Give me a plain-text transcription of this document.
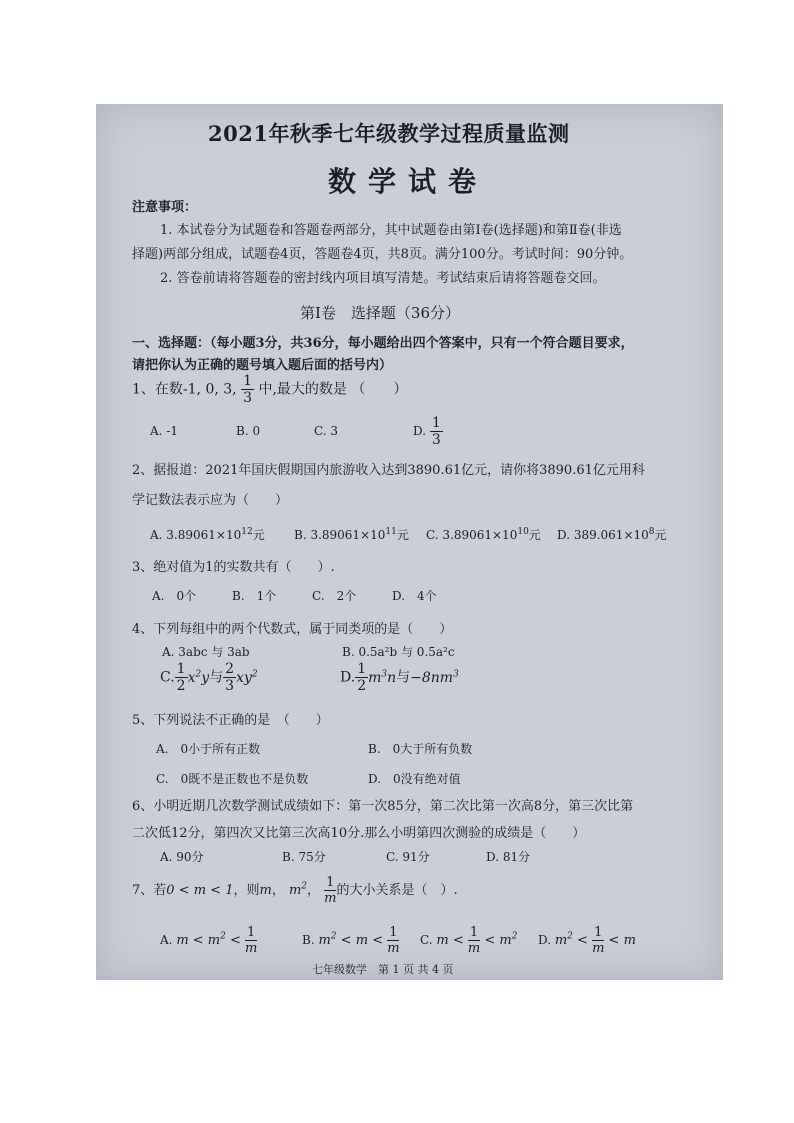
2021年秋季七年级教学过程质量监测
数学试卷
注意事项：
1. 本试卷分为试题卷和答题卷两部分，其中试题卷由第Ⅰ卷(选择题)和第Ⅱ卷(非选
择题)两部分组成，试题卷4页，答题卷4页，共8页。满分100分。考试时间：90分钟。
2. 答卷前请将答题卷的密封线内项目填写清楚。考试结束后请将答题卷交回。
第Ⅰ卷　选择题（36分）
一、选择题：（每小题3分，共36分，每小题给出四个答案中，只有一个符合题目要求，
请把你认为正确的题号填入题后面的括号内）
1、在数-1, 0, 3, $\frac{1}{3}$ 中,最大的数是 （　　）
A. -1	B. 0	C. 3	D. $\frac{1}{3}$
2、据报道：2021年国庆假期国内旅游收入达到3890.61亿元，请你将3890.61亿元用科
学记数法表示应为（　　）
A. $3.89061\times 10^{12}$元 B. $3.89061\times 10^{11}$元 C. $3.89061\times 10^{10}$元 D. $389.061\times 10^8$元
3、绝对值为1的实数共有（　　）.
A.　0个	B.　1个	C.　2个	D.　4个
4、下列每组中的两个代数式，属于同类项的是（　　）
A. 3abc 与 3ab	B. 0.5a²b 与 0.5a²c
C. $\frac{1}{2} x^2y$与 $\frac{2}{3} xy^2$	D. $\frac{1}{2} m^3n$与$-8nm^3$
5、下列说法不正确的是　（　　）
A.　0小于所有正数	B.　0大于所有负数
C.　0既不是正数也不是负数	D.　0没有绝对值
6、小明近期几次数学测试成绩如下：第一次85分，第二次比第一次高8分，第三次比第
二次低12分，第四次又比第三次高10分.那么小明第四次测验的成绩是（　　）
A. 90分	B. 75分	C. 91分	D. 81分
7、若0 < m < 1，则m， $m^2$， $\frac{1}{m}$ 的大小关系是（　）.
A. $m < m^2 < \frac{1}{m}$	B. $m^2 < m < \frac{1}{m} C$. $m < \frac{1}{m} < m^2$ D. $m^2 < \frac{1}{m} < m$
七年级数学　第 1 页 共 4 页
